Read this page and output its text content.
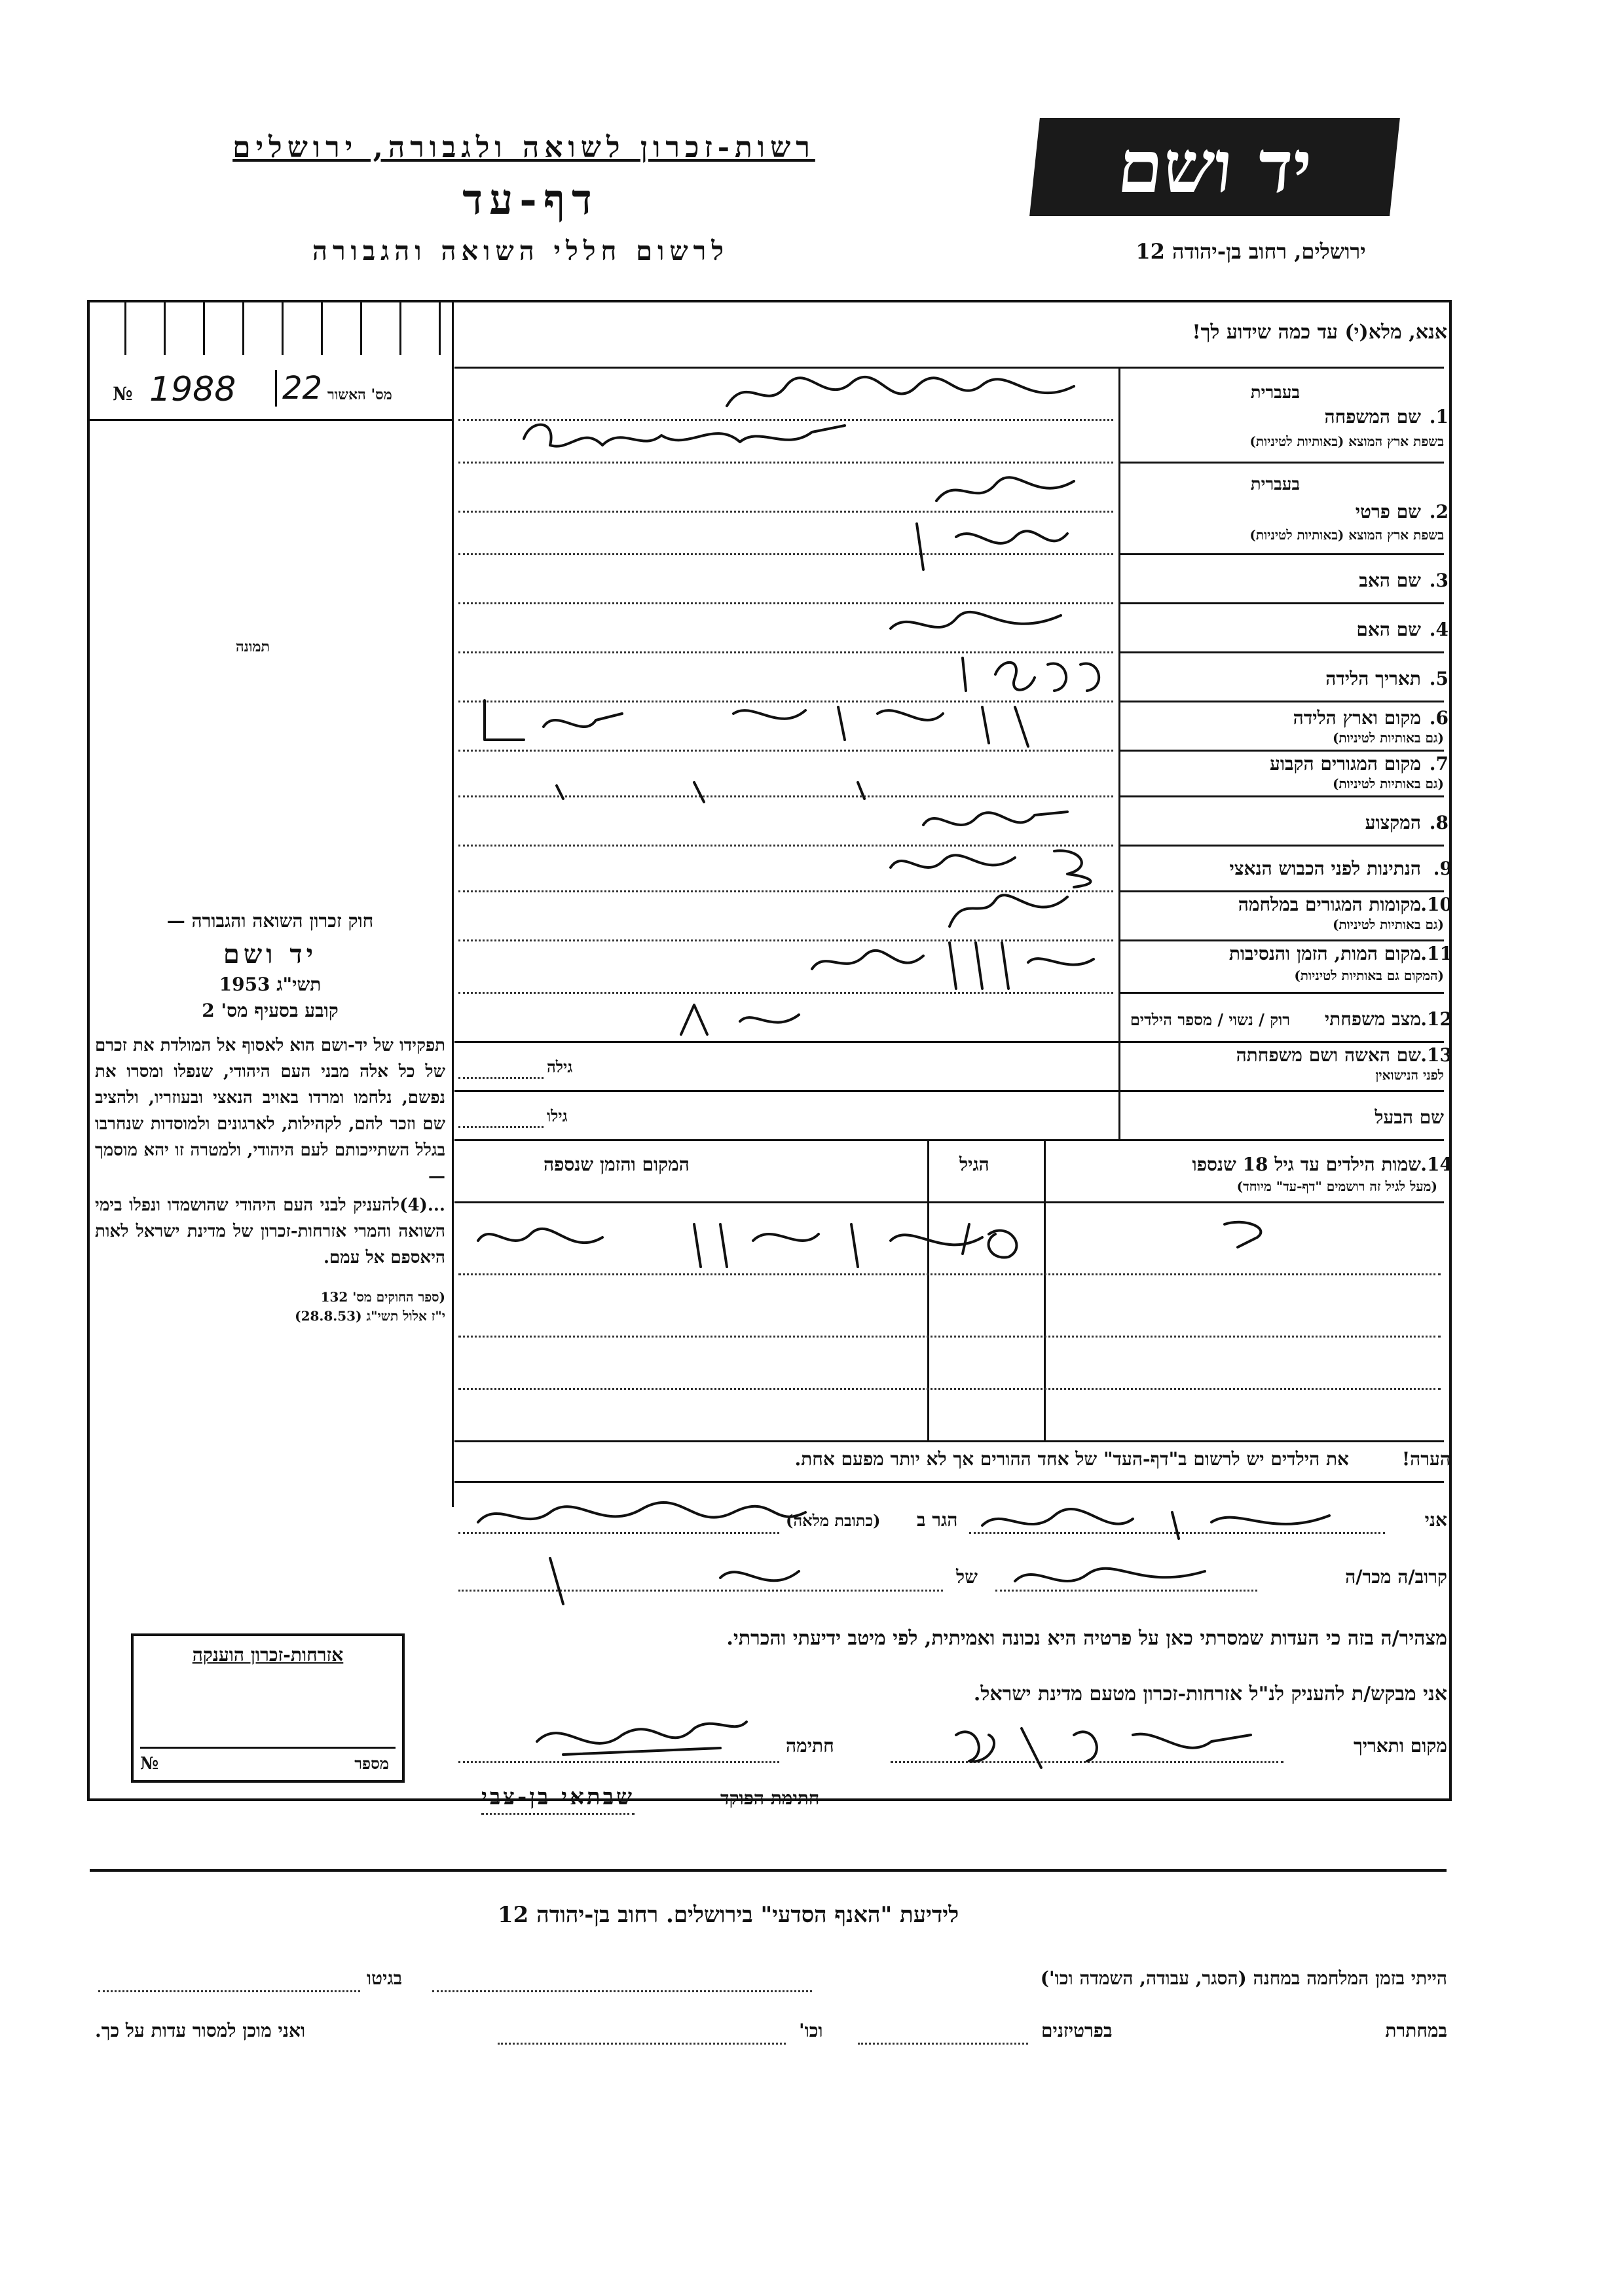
רשות-זכרון לשואה ולגבורה, ירושלים
דף-עד
לרשום חללי השואה והגבורה
יד ושם
ירושלים, רחוב בן-יהודה 12
№ 1988 22 מס' האשור
תמונה
אנא, מלא(י) עד כמה שידוע לך!
בעברית
1.
שם המשפחה
בשפת ארץ המוצא (באותיות לטיניות)
בעברית
2.
שם פרטי
בשפת ארץ המוצא (באותיות לטיניות)
3.
שם האב
4.
שם האם
5.
תאריך הלידה
6.
מקום וארץ הלידה
(גם באותיות לטיניות)
7.
מקום המגורים הקבוע
(גם באותיות לטיניות)
8.
המקצוע
9.
הנתינות לפני הכבוש הנאצי
10.
מקומות המגורים במלחמה
(גם באותיות לטיניות)
11.
מקום המות, הזמן והנסיבות
(המקום גם באותיות לטיניות)
12.
מצב משפחתי
רוק / נשוי / מספר הילדים
13.
שם האשה ושם משפחתה
לפני הנישואין
גילה
שם הבעל
גילו
14.
שמות הילדים עד גיל 18 שנספו
(מעל לגיל זה רושמים "דף-עד" מיוחד)
הגיל
המקום והזמן שנספה
חוק זכרון השואה והגבורה —
יד ושם
תשי"ג 1953
קובע בסעיף מס' 2
תפקידו של יד-ושם הוא לאסוף אל המולדת את זכרם של כל אלה מבני העם היהודי, שנפלו ומסרו את נפשם, נלחמו ומרדו באויב הנאצי ובעוזריו, ולהציב שם וזכר להם, לקהילות, לארגונים ולמוסדות שנחרבו בגלל השתייכותם לעם היהודי, ולמטרה זו יהא מוסמך —
...(4)להעניק לבני העם היהודי שהושמדו ונפלו בימי השואה והמרי אזרחות-זכרון של מדינת ישראל לאות היאספם אל עמם.
(ספר החוקים מס' 132
י"ז אלול תשי"ג (28.8.53)
הערה!
את הילדים יש לרשום ב"דף-העד" של אחד ההורים אך לא יותר מפעם אחת.
אני
הגר ב
(כתובת מלאה)
קרוב/ה מכר/ה
של
מצהיר/ה בזה כי העדות שמסרתי כאן על פרטיה היא נכונה ואמיתית, לפי מיטב ידיעתי והכרתי.
אני מבקש/ת להעניק לנ"ל אזרחות-זכרון מטעם מדינת ישראל.
מקום ותאריך
חתימה
חתימת הפוקד
שבתאי בן-צבי
אזרחות-זכרון הוענקה
№	מספר
לידיעת "האנף הסדעי" בירושלים. רחוב בן-יהודה 12
הייתי בזמן המלחמה במחנה (הסגר, עבודה, השמדה וכו')
בגיטו
במחתרת
בפרטיזנים
וכו'
ואני מוכן למסור עדות על כך.
